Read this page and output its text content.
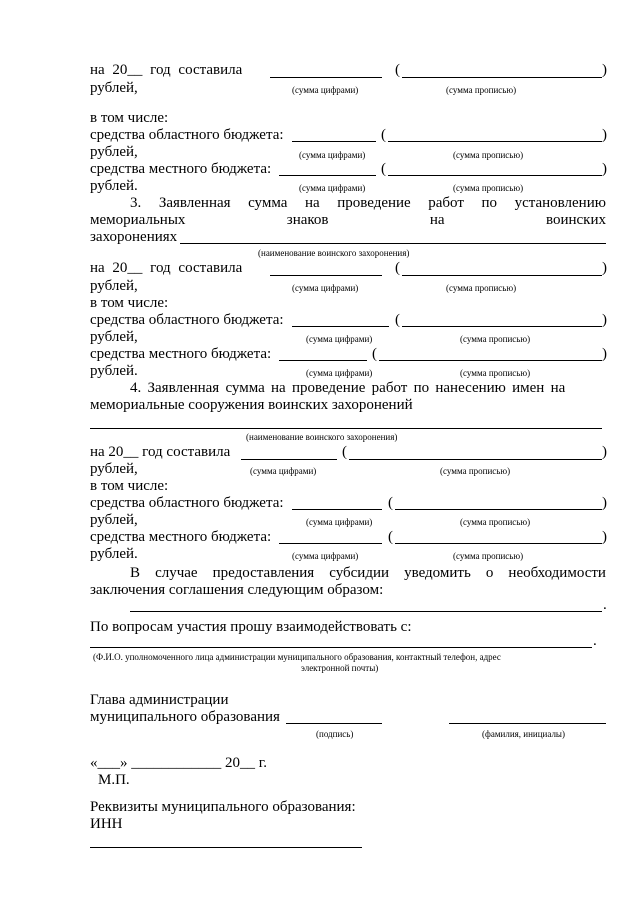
на 20__ год составила	(	)
рублей,	(сумма цифрами)	(сумма прописью)
в том числе:
средства областного бюджета:	(	)
рублей,	(сумма цифрами)	(сумма прописью)
средства местного бюджета:	(	)
рублей.	(сумма цифрами)	(сумма прописью)
3. Заявленная сумма на проведение работ по установлению
мемориальных	знаков	на	воинских
захоронениях
(наименование воинского захоронения)
на 20__ год составила	(	)
рублей,	(сумма цифрами)	(сумма прописью)
в том числе:
средства областного бюджета:	(	)
рублей,	(сумма цифрами)	(сумма прописью)
средства местного бюджета:	(	)
рублей.	(сумма цифрами)	(сумма прописью)
4. Заявленная сумма на проведение работ по нанесению имен на
мемориальные сооружения воинских захоронений
(наименование воинского захоронения)
на 20__ год составила	(	)
рублей,	(сумма цифрами)	(сумма прописью)
в том числе:
средства областного бюджета:	(	)
рублей,	(сумма цифрами)	(сумма прописью)
средства местного бюджета:	(	)
рублей.	(сумма цифрами)	(сумма прописью)
В случае предоставления субсидии уведомить о необходимости
заключения соглашения следующим образом:
.
По вопросам участия прошу взаимодействовать с:
.
(Ф.И.О. уполномоченного лица администрации муниципального образования, контактный телефон, адрес
электронной почты)
Глава администрации
муниципального образования
(подпись)	(фамилия, инициалы)
«___» ____________ 20__ г.
М.П.
Реквизиты муниципального образования:
ИНН
